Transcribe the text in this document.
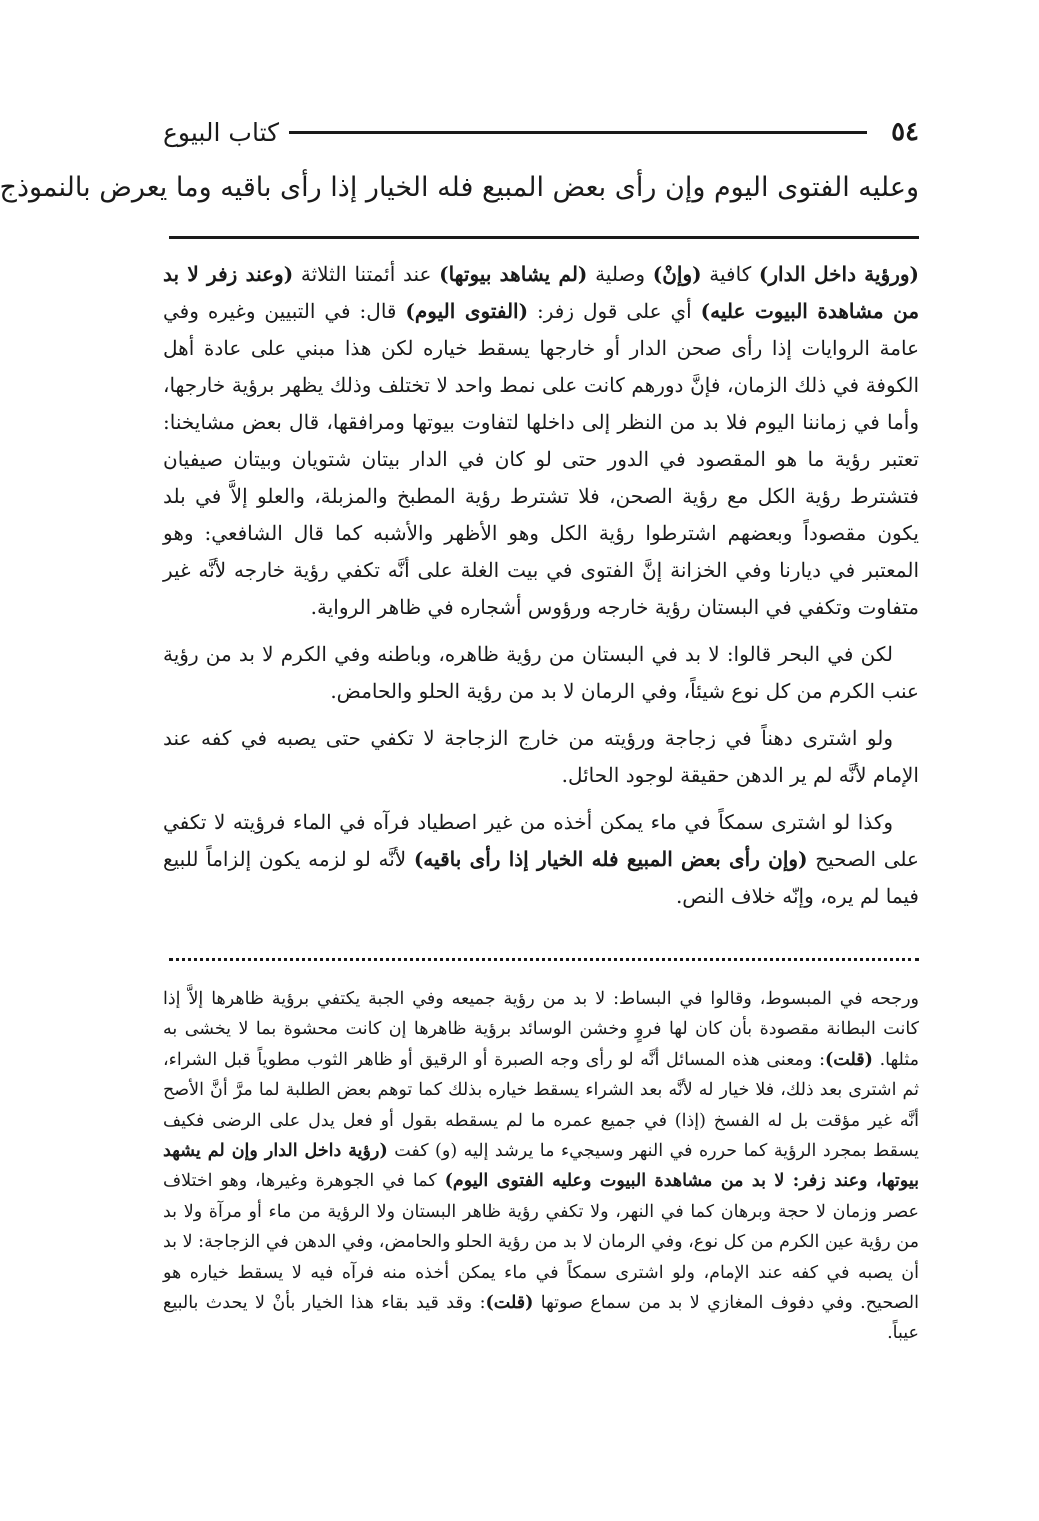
٥٤
كتاب البيوع
وعليه الفتوى اليوم وإن رأى بعض المبيع فله الخيار إذا رأى باقيه وما يعرض بالنموذج

(ورؤية داخل الدار) كافية (وإنْ) وصلية (لم يشاهد بيوتها) عند أئمتنا الثلاثة (وعند زفر لا بد من مشاهدة البيوت عليه) أي على قول زفر: (الفتوى اليوم) قال: في التبيين وغيره وفي عامة الروايات إذا رأى صحن الدار أو خارجها يسقط خياره لكن هذا مبني على عادة أهل الكوفة في ذلك الزمان، فإنَّ دورهم كانت على نمط واحد لا تختلف وذلك يظهر برؤية خارجها، وأما في زماننا اليوم فلا بد من النظر إلى داخلها لتفاوت بيوتها ومرافقها، قال بعض مشايخنا: تعتبر رؤية ما هو المقصود في الدور حتى لو كان في الدار بيتان شتويان وبيتان صيفيان فتشترط رؤية الكل مع رؤية الصحن، فلا تشترط رؤية المطبخ والمزبلة، والعلو إلاَّ في بلد يكون مقصوداً وبعضهم اشترطوا رؤية الكل وهو الأظهر والأشبه كما قال الشافعي: وهو المعتبر في ديارنا وفي الخزانة إنَّ الفتوى في بيت الغلة على أنَّه تكفي رؤية خارجه لأنَّه غير متفاوت وتكفي في البستان رؤية خارجه ورؤوس أشجاره في ظاهر الرواية.

لكن في البحر قالوا: لا بد في البستان من رؤية ظاهره، وباطنه وفي الكرم لا بد من رؤية عنب الكرم من كل نوع شيئاً، وفي الرمان لا بد من رؤية الحلو والحامض.

ولو اشترى دهناً في زجاجة ورؤيته من خارج الزجاجة لا تكفي حتى يصبه في كفه عند الإمام لأنَّه لم ير الدهن حقيقة لوجود الحائل.

وكذا لو اشترى سمكاً في ماء يمكن أخذه من غير اصطياد فرآه في الماء فرؤيته لا تكفي على الصحيح (وإن رأى بعض المبيع فله الخيار إذا رأى باقيه) لأنَّه لو لزمه يكون إلزاماً للبيع فيما لم يره، وإنّه خلاف النص.

ورجحه في المبسوط، وقالوا في البساط: لا بد من رؤية جميعه وفي الجبة يكتفي برؤية ظاهرها إلاَّ إذا كانت البطانة مقصودة بأن كان لها فروٍ وخشن الوسائد برؤية ظاهرها إن كانت محشوة بما لا يخشى به مثلها. (قلت): ومعنى هذه المسائل أنَّه لو رأى وجه الصبرة أو الرقيق أو ظاهر الثوب مطوياً قبل الشراء، ثم اشترى بعد ذلك، فلا خيار له لأنَّه بعد الشراء يسقط خياره بذلك كما توهم بعض الطلبة لما مرَّ أنَّ الأصح أنَّه غير مؤقت بل له الفسخ (إذا) في جميع عمره ما لم يسقطه بقول أو فعل يدل على الرضى فكيف يسقط بمجرد الرؤية كما حرره في النهر وسيجيء ما يرشد إليه (و) كفت (رؤية داخل الدار وإن لم يشهد بيوتها، وعند زفر: لا بد من مشاهدة البيوت وعليه الفتوى اليوم) كما في الجوهرة وغيرها، وهو اختلاف عصر وزمان لا حجة وبرهان كما في النهر، ولا تكفي رؤية ظاهر البستان ولا الرؤية من ماء أو مرآة ولا بد من رؤية عين الكرم من كل نوع، وفي الرمان لا بد من رؤية الحلو والحامض، وفي الدهن في الزجاجة: لا بد أن يصبه في كفه عند الإمام، ولو اشترى سمكاً في ماء يمكن أخذه منه فرآه فيه لا يسقط خياره هو الصحيح. وفي دفوف المغازي لا بد من سماع صوتها (قلت): وقد قيد بقاء هذا الخيار بأنْ لا يحدث بالبيع عيباً.
